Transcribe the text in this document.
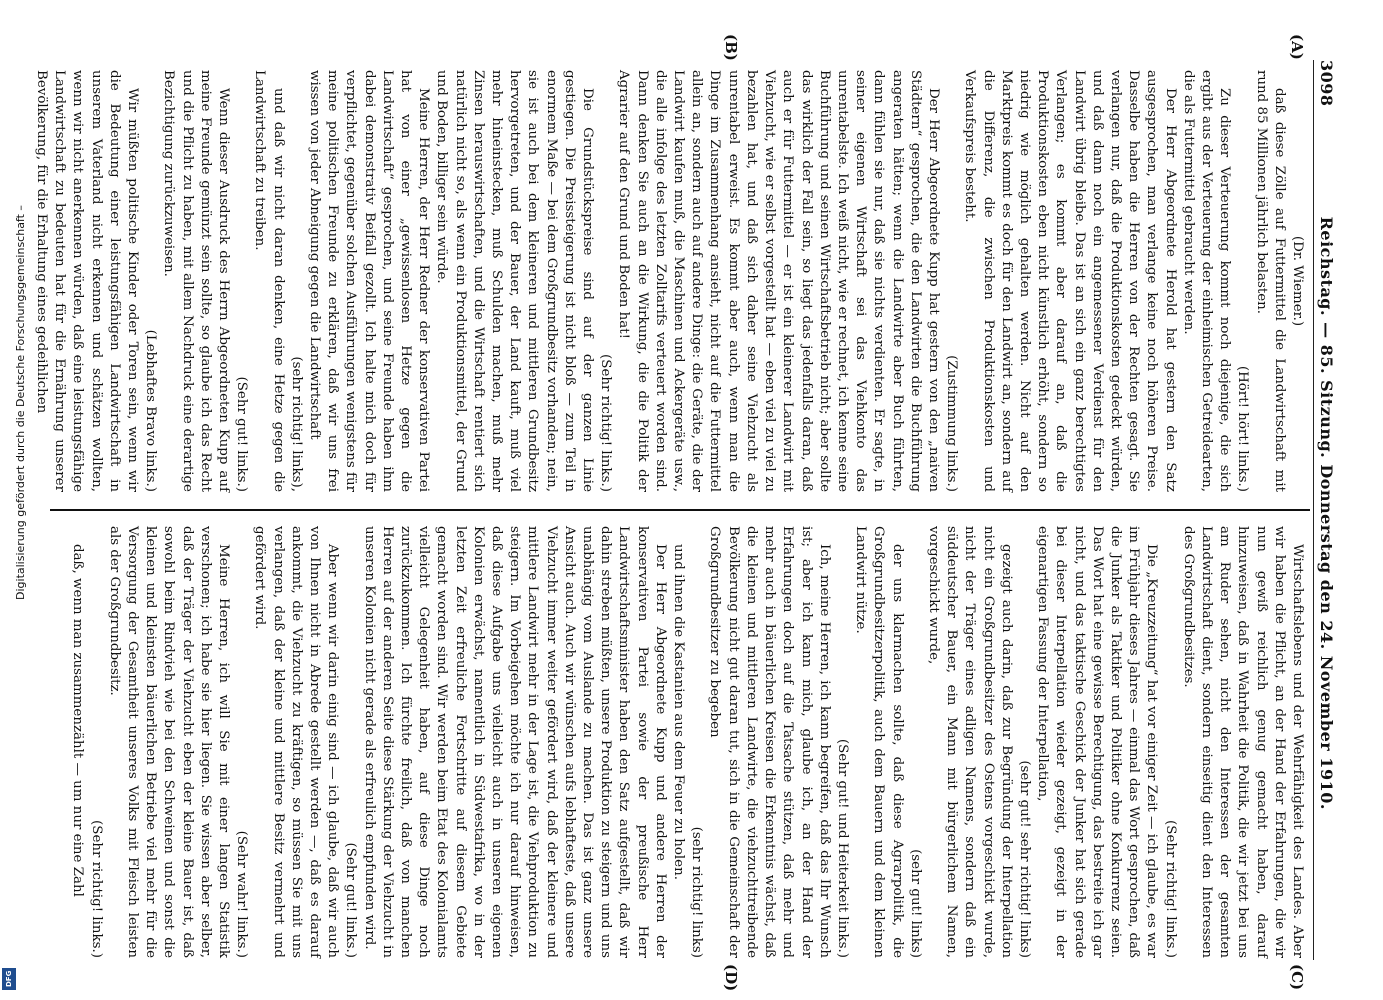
Digitalisierung gefördert durch die Deutsche Forschungsgemeinschaft –
DFG
3098
Reichstag. — 85. Sitzung. Donnerstag den 24. November 1910.
(A)
(B)
(C)
(D)

(Dr. Wiemer.)

daß diese Zölle auf Futtermittel die Landwirtschaft mit rund 85 Millionen jährlich belasten.

(Hört! hört! links.)

Zu dieser Verteuerung kommt noch diejenige, die sich ergibt aus der Verteuerung der einheimischen Getreidearten, die als Futtermittel gebraucht werden.

Der Herr Abgeordnete Herold hat gestern den Satz ausgesprochen, man verlange keine noch höheren Preise. Dasselbe haben die Herren von der Rechten gesagt. Sie verlangen nur, daß die Produktionskosten gedeckt würden, und daß dann noch ein angemessener Verdienst für den Landwirt übrig bleibe. Das ist an sich ein ganz berechtigtes Verlangen; es kommt aber darauf an, daß die Produktionskosten eben nicht künstlich erhöht, sondern so niedrig wie möglich gehalten werden. Nicht auf den Marktpreis kommt es doch für den Landwirt an, sondern auf die Differenz, die zwischen Produktionskosten und Verkaufspreis besteht.

(Zustimmung links.)

Der Herr Abgeordnete Kupp hat gestern von den „naiven Städtern“ gesprochen, die den Landwirten die Buchführung angeraten hätten; wenn die Landwirte aber Buch führten, dann fühlen sie nur, daß sie nichts verdienten. Er sagte, in seiner eigenen Wirtschaft sei das Viehkonto das unrentabelste. Ich weiß nicht, wie er rechnet, ich kenne seine Buchführung und seinen Wirtschaftsbetrieb nicht; aber sollte das wirklich der Fall sein, so liegt das jedenfalls daran, daß auch er für Futtermittel — er ist ein kleinerer Landwirt mit Viehzucht, wie er selbst vorgestellt hat — eben viel zu viel zu bezahlen hat, und daß sich daher seine Viehzucht als unrentabel erweist. Es kommt aber auch, wenn man die Dinge im Zusammenhang ansieht, nicht auf die Futtermittel allein an, sondern auch auf andere Dinge: die Geräte, die der Landwirt kaufen muß, die Maschinen und Ackergeräte usw., die alle infolge des letzten Zolltarifs verteuert worden sind. Dann denken Sie auch an die Wirkung, die die Politik der Agrarier auf den Grund und Boden hat!

(Sehr richtig! links.)

Die Grundstückspreise sind auf der ganzen Linie gestiegen. Die Preissteigerung ist nicht bloß — zum Teil in enormem Maße — bei dem Großgrundbesitz vorhanden; nein, sie ist auch bei dem kleineren und mittleren Grundbesitz hervorgetreten, und der Bauer, der Land kauft, muß viel mehr hineinstecken, muß Schulden machen, muß mehr Zinsen herauswirtschaften, und die Wirtschaft rentiert sich natürlich nicht so, als wenn ein Produktionsmittel, der Grund und Boden, billiger sein würde.

Meine Herren, der Herr Redner der konservativen Partei hat von einer „gewissenlosen Hetze gegen die Landwirtschaft“ gesprochen, und seine Freunde haben ihm dabei demonstrativ Beifall gezollt. Ich halte mich doch für verpflichtet, gegenüber solchen Ausführungen wenigstens für meine politischen Freunde zu erklären, daß wir uns frei wissen von jeder Abneigung gegen die Landwirtschaft

(sehr richtig! links),

und daß wir nicht daran denken, eine Hetze gegen die Landwirtschaft zu treiben.

(Sehr gut! links.)

Wenn dieser Ausdruck des Herrn Abgeordneten Kupp auf meine Freunde gemünzt sein sollte, so glaube ich das Recht und die Pflicht zu haben, mit allem Nachdruck eine derartige Bezichtigung zurückzuweisen.

(Lebhaftes Bravo links.)

Wir müßten politische Kinder oder Toren sein, wenn wir die Bedeutung einer leistungsfähigen Landwirtschaft in unserem Vaterland nicht erkennen und schätzen wollten, wenn wir nicht anerkennen würden, daß eine leistungsfähige Landwirtschaft zu bedeuten hat für die Ernährung unserer Bevölkerung, für die Erhaltung eines gedeihlichen

Wirtschaftslebens und der Wehrfähigkeit des Landes. Aber wir haben die Pflicht, an der Hand der Erfahrungen, die wir nun gewiß reichlich genug gemacht haben, darauf hinzuweisen, daß in Wahrheit die Politik, die wir jetzt bei uns am Ruder sehen, nicht den Interessen der gesamten Landwirtschaft dient, sondern einseitig dient den Interessen des Großgrundbesitzes.

(Sehr richtig! links.)

Die „Kreuzzeitung“ hat vor einiger Zeit — ich glaube, es war im Frühjahr dieses Jahres — einmal das Wort gesprochen, daß die Junker als Taktiker und Politiker ohne Konkurrenz seien. Das Wort hat eine gewisse Berechtigung, das bestreite ich gar nicht, und das taktische Geschick der Junker hat sich gerade bei dieser Interpellation wieder gezeigt, gezeigt in der eigenartigen Fassung der Interpellation,

(sehr gut! sehr richtig! links)

gezeigt auch darin, daß zur Begründung der Interpellation nicht ein Großgrundbesitzer des Ostens vorgeschickt wurde, nicht der Träger eines adligen Namens, sondern daß ein süddeutscher Bauer, ein Mann mit bürgerlichem Namen, vorgeschickt wurde,

(sehr gut! links)

der uns klarmachen sollte, daß diese Agrarpolitik, die Großgrundbesitzerpolitik, auch dem Bauern und dem kleinen Landwirt nütze.

(Sehr gut! und Heiterkeit links.)

Ich, meine Herren, ich kann begreifen, daß das Ihr Wunsch ist; aber ich kann mich, glaube ich, an der Hand der Erfahrungen doch auf die Tatsache stützen, daß mehr und mehr auch in bäuerlichen Kreisen die Erkenntnis wächst, daß die kleinen und mittleren Landwirte, die viehzuchttreibende Bevölkerung nicht gut daran tut, sich in die Gemeinschaft der Großgrundbesitzer zu begeben

(sehr richtig! links)

und ihnen die Kastanien aus dem Feuer zu holen.

Der Herr Abgeordnete Kupp und andere Herren der konservativen Partei sowie der preußische Herr Landwirtschaftsminister haben den Satz aufgestellt, daß wir dahin streben müßten, unsere Produktion zu steigern und uns unabhängig vom Auslande zu machen. Das ist ganz unsere Ansicht auch. Auch wir wünschen aufs lebhafteste, daß unsere Viehzucht immer weiter gefördert wird, daß der kleinere und mittlere Landwirt mehr in der Lage ist, die Viehproduktion zu steigern. Im Vorbeigehen möchte ich nur darauf hinweisen, daß diese Aufgabe uns vielleicht auch in unseren eigenen Kolonien erwächst, namentlich in Südwestafrika, wo in der letzten Zeit erfreuliche Fortschritte auf diesem Gebiete gemacht worden sind. Wir werden beim Etat des Kolonialamts vielleicht Gelegenheit haben, auf diese Dinge noch zurückzukommen. Ich fürchte freilich, daß von manchen Herren auf der anderen Seite diese Stärkung der Viehzucht in unseren Kolonien nicht gerade als erfreulich empfunden wird.

(Sehr gut! links.)

Aber wenn wir darin einig sind — ich glaube, daß wir auch von Ihnen nicht in Abrede gestellt werden —, daß es darauf ankommt, die Viehzucht zu kräftigen, so müssen Sie mit uns verlangen, daß der kleine und mittlere Besitz vermehrt und gefördert wird.

(Sehr wahr! links.)

Meine Herren, ich will Sie mit einer langen Statistik verschonen; ich habe sie hier liegen. Sie wissen aber selber, daß der Träger der Viehzucht eben der kleine Bauer ist, daß sowohl beim Rindvieh wie bei den Schweinen und sonst die kleinen und kleinsten bäuerlichen Betriebe viel mehr für die Versorgung der Gesamtheit unseres Volks mit Fleisch leisten als der Großgrundbesitz.

(Sehr richtig! links.)

daß, wenn man zusammenzählt — um nur eine Zahl
